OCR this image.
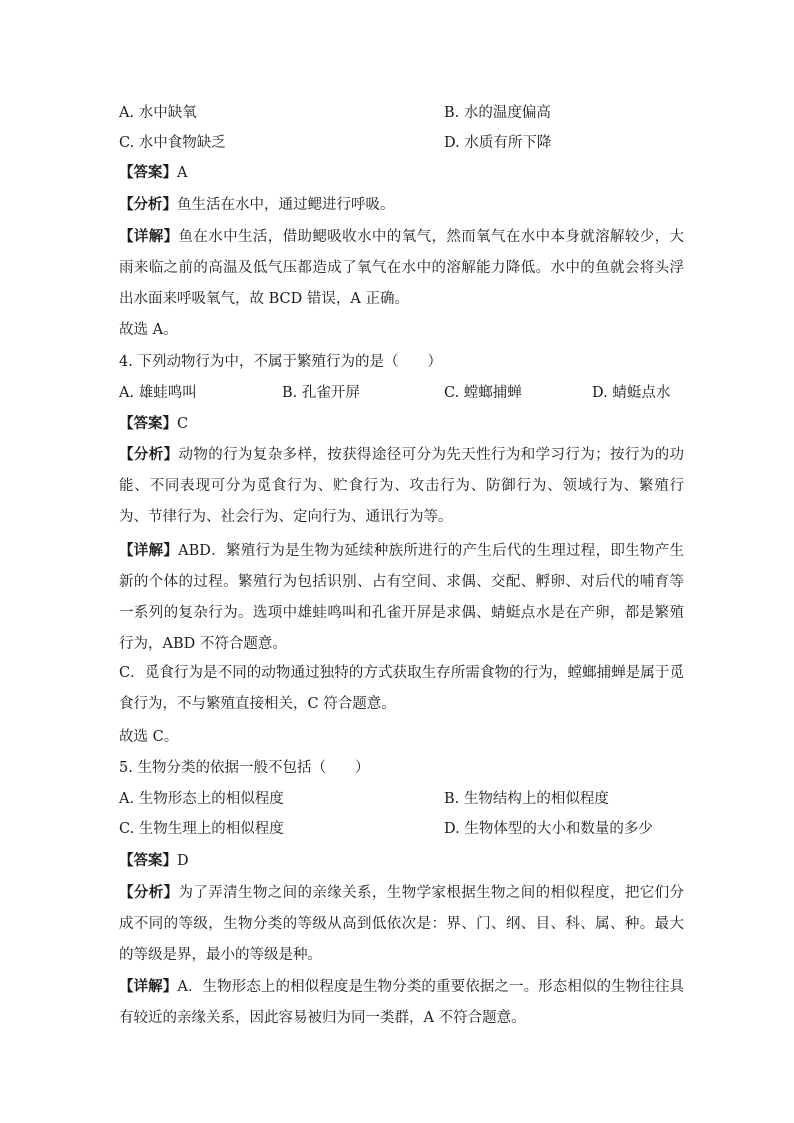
A. 水中缺氧	B. 水的温度偏高
C. 水中食物缺乏	D. 水质有所下降
【答案】A
【分析】鱼生活在水中，通过鳃进行呼吸。
【详解】鱼在水中生活，借助鳃吸收水中的氧气，然而氧气在水中本身就溶解较少，大雨来临之前的高温及低气压都造成了氧气在水中的溶解能力降低。水中的鱼就会将头浮出水面来呼吸氧气，故 BCD 错误，A 正确。
故选 A。
4. 下列动物行为中，不属于繁殖行为的是（　　）
A. 雄蛙鸣叫	B. 孔雀开屏	C. 螳螂捕蝉	D. 蜻蜓点水
【答案】C
【分析】动物的行为复杂多样，按获得途径可分为先天性行为和学习行为；按行为的功能、不同表现可分为觅食行为、贮食行为、攻击行为、防御行为、领域行为、繁殖行为、节律行为、社会行为、定向行为、通讯行为等。
【详解】ABD．繁殖行为是生物为延续种族所进行的产生后代的生理过程，即生物产生新的个体的过程。繁殖行为包括识别、占有空间、求偶、交配、孵卵、对后代的哺育等一系列的复杂行为。选项中雄蛙鸣叫和孔雀开屏是求偶、蜻蜓点水是在产卵，都是繁殖行为，ABD 不符合题意。
C．觅食行为是不同的动物通过独特的方式获取生存所需食物的行为，螳螂捕蝉是属于觅食行为，不与繁殖直接相关，C 符合题意。
故选 C。
5. 生物分类的依据一般不包括（　　）
A. 生物形态上的相似程度	B. 生物结构上的相似程度
C. 生物生理上的相似程度	D. 生物体型的大小和数量的多少
【答案】D
【分析】为了弄清生物之间的亲缘关系，生物学家根据生物之间的相似程度，把它们分成不同的等级，生物分类的等级从高到低依次是：界、门、纲、目、科、属、种。最大的等级是界，最小的等级是种。
【详解】A．生物形态上的相似程度是生物分类的重要依据之一。形态相似的生物往往具有较近的亲缘关系，因此容易被归为同一类群，A 不符合题意。
